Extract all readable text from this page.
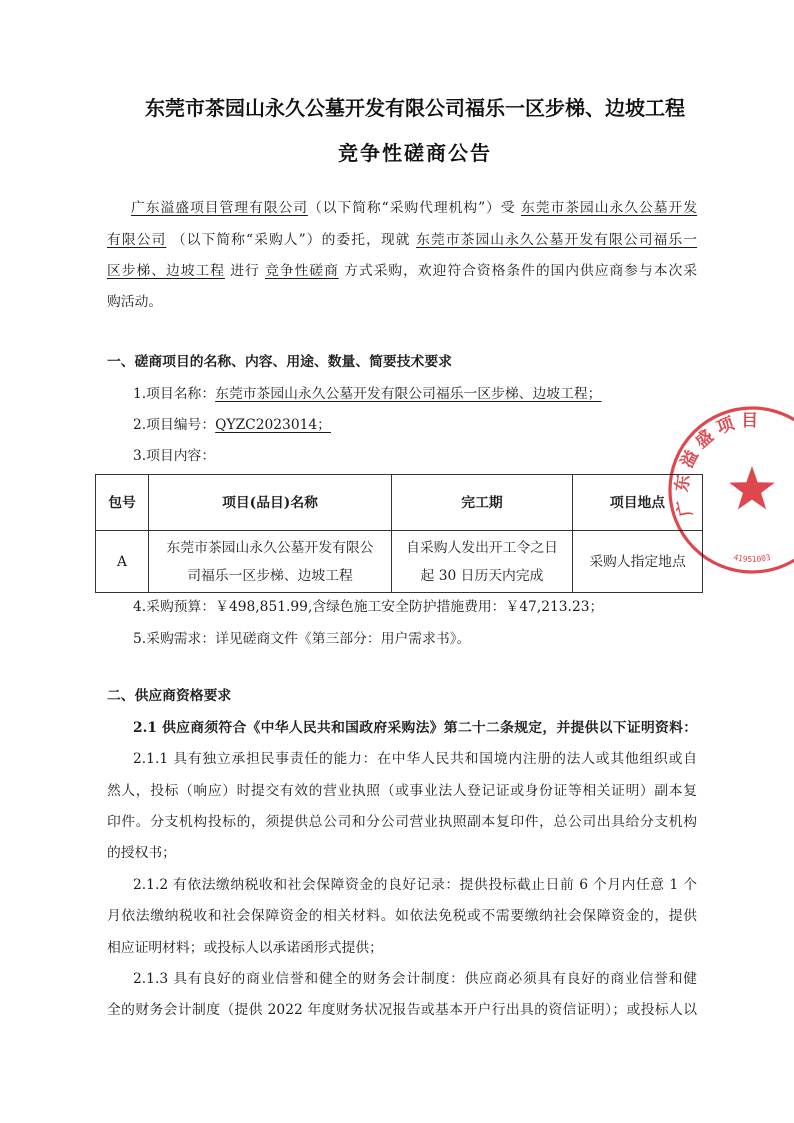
东莞市茶园山永久公墓开发有限公司福乐一区步梯、边坡工程
竞争性磋商公告
广东溢盛项目管理有限公司（以下简称“采购代理机构”）受 东莞市茶园山永久公墓开发
有限公司 （以下简称“采购人”）的委托，现就 东莞市茶园山永久公墓开发有限公司福乐一
区步梯、边坡工程 进行 竞争性磋商 方式采购，欢迎符合资格条件的国内供应商参与本次采
购活动。
一、磋商项目的名称、内容、用途、数量、简要技术要求
1.项目名称：东莞市茶园山永久公墓开发有限公司福乐一区步梯、边坡工程；
2.项目编号：QYZC2023014；
3.项目内容：
包号	项目(品目)名称	完工期	项目地点
A	东莞市茶园山永久公墓开发有限公司福乐一区步梯、边坡工程	自采购人发出开工令之日起 30 日历天内完成	采购人指定地点
4.采购预算：￥498,851.99,含绿色施工安全防护措施费用：￥47,213.23；
5.采购需求：详见磋商文件《第三部分：用户需求书》。
二、供应商资格要求
2.1 供应商须符合《中华人民共和国政府采购法》第二十二条规定，并提供以下证明资料：
2.1.1 具有独立承担民事责任的能力：在中华人民共和国境内注册的法人或其他组织或自
然人，投标（响应）时提交有效的营业执照（或事业法人登记证或身份证等相关证明）副本复
印件。分支机构投标的，须提供总公司和分公司营业执照副本复印件，总公司出具给分支机构
的授权书；
2.1.2 有依法缴纳税收和社会保障资金的良好记录：提供投标截止日前 6 个月内任意 1 个
月依法缴纳税收和社会保障资金的相关材料。如依法免税或不需要缴纳社会保障资金的，提供
相应证明材料；或投标人以承诺函形式提供；
2.1.3 具有良好的商业信誉和健全的财务会计制度：供应商必须具有良好的商业信誉和健
全的财务会计制度（提供 2022 年度财务状况报告或基本开户行出具的资信证明）；或投标人以
广东溢盛项目
41951003
